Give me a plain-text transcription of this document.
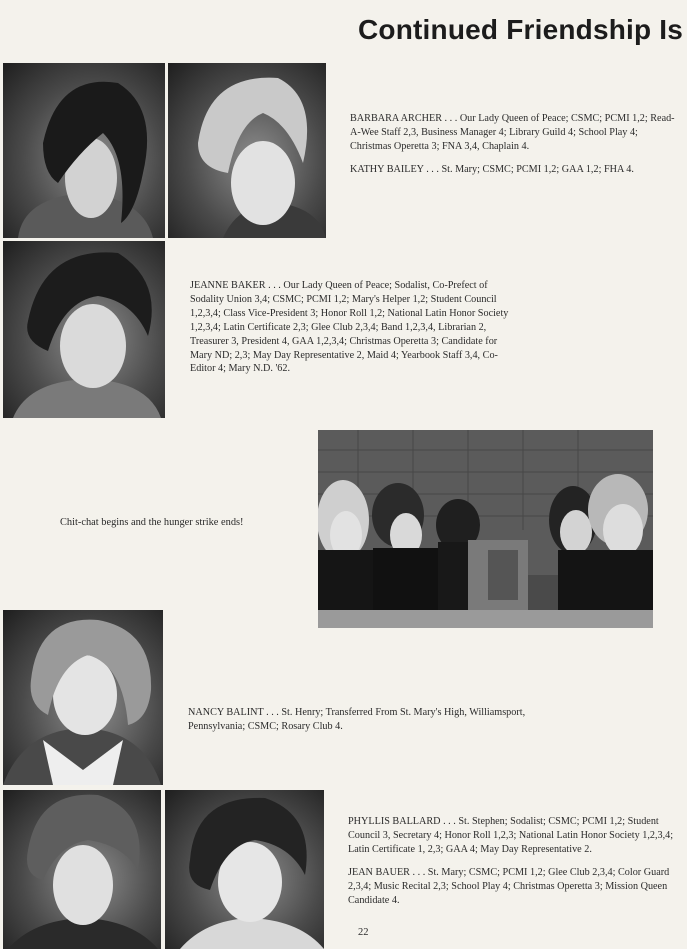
Continued Friendship Is

BARBARA ARCHER . . . Our Lady Queen of Peace; CSMC; PCMI 1,2; Read-A-Wee Staff 2,3, Business Manager 4; Library Guild 4; School Play 4; Christmas Operetta 3; FNA 3,4, Chaplain 4.

KATHY BAILEY . . . St. Mary; CSMC; PCMI 1,2; GAA 1,2; FHA 4.

JEANNE BAKER . . . Our Lady Queen of Peace; Sodalist, Co-Prefect of Sodality Union 3,4; CSMC; PCMI 1,2; Mary's Helper 1,2; Student Council 1,2,3,4; Class Vice-President 3; Honor Roll 1,2; National Latin Honor Society 1,2,3,4; Latin Certificate 2,3; Glee Club 2,3,4; Band 1,2,3,4, Librarian 2, Treasurer 3, President 4, GAA 1,2,3,4; Christmas Operetta 3; Candidate for Mary ND; 2,3; May Day Representative 2, Maid 4; Yearbook Staff 3,4, Co-Editor 4; Mary N.D. '62.
Chit-chat begins and the hunger strike ends!
NANCY BALINT . . . St. Henry; Transferred From St. Mary's High, Williamsport, Pennsylvania; CSMC; Rosary Club 4.

PHYLLIS BALLARD . . . St. Stephen; Sodalist; CSMC; PCMI 1,2; Student Council 3, Secretary 4; Honor Roll 1,2,3; National Latin Honor Society 1,2,3,4; Latin Certificate 1, 2,3; GAA 4; May Day Representative 2.

JEAN BAUER . . . St. Mary; CSMC; PCMI 1,2; Glee Club 2,3,4; Color Guard 2,3,4; Music Recital 2,3; School Play 4; Christmas Operetta 3; Mission Queen Candidate 4.

22
